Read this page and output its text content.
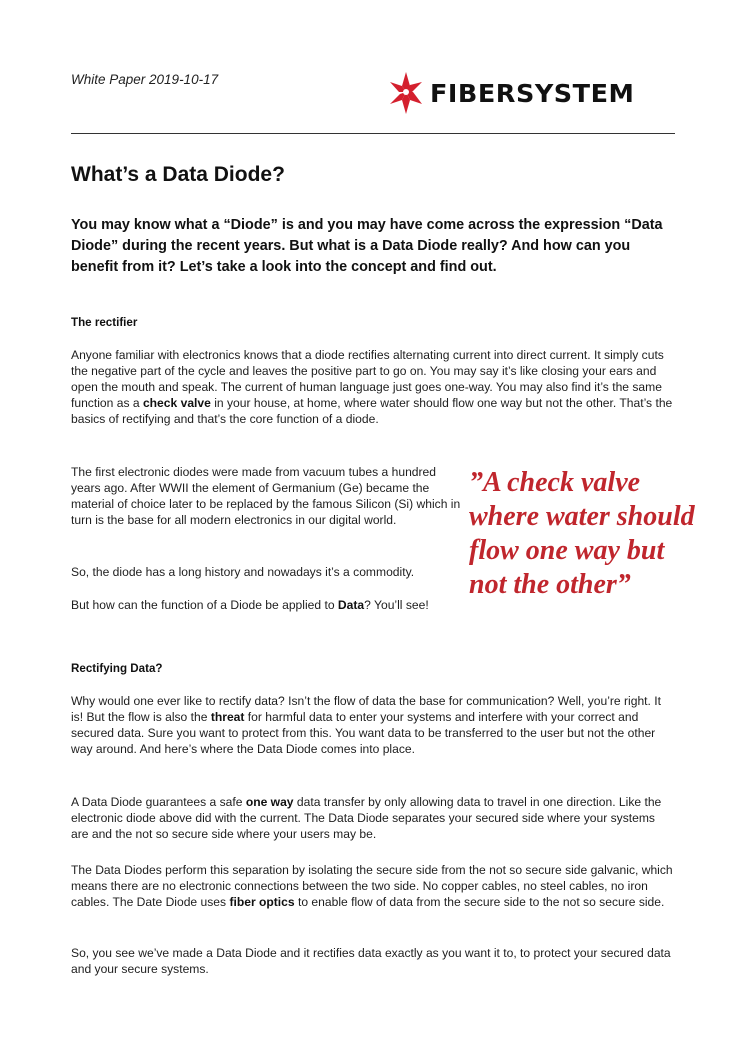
White Paper 2019-10-17	FIBERSYSTEM
What’s a Data Diode?

You may know what a “Diode” is and you may have come across the expression “Data Diode” during the recent years. But what is a Data Diode really? And how can you benefit from it? Let’s take a look into the concept and find out.

The rectifier

Anyone familiar with electronics knows that a diode rectifies alternating current into direct current. It simply cuts the negative part of the cycle and leaves the positive part to go on. You may say it’s like closing your ears and open the mouth and speak. The current of human language just goes one-way. You may also find it’s the same function as a check valve in your house, at home, where water should flow one way but not the other. That’s the basics of rectifying and that’s the core function of a diode.

The first electronic diodes were made from vacuum tubes a hundred years ago. After WWII the element of Germanium (Ge) became the material of choice later to be replaced by the famous Silicon (Si) which in turn is the base for all modern electronics in our digital world.

So, the diode has a long history and nowadays it’s a commodity.

But how can the function of a Diode be applied to Data? You’ll see!

”A check valve where water should flow one way but not the other”

Rectifying Data?

Why would one ever like to rectify data? Isn’t the flow of data the base for communication? Well, you’re right. It is! But the flow is also the threat for harmful data to enter your systems and interfere with your correct and secured data. Sure you want to protect from this. You want data to be transferred to the user but not the other way around. And here’s where the Data Diode comes into place.

A Data Diode guarantees a safe one way data transfer by only allowing data to travel in one direction. Like the electronic diode above did with the current. The Data Diode separates your secured side where your systems are and the not so secure side where your users may be.

The Data Diodes perform this separation by isolating the secure side from the not so secure side galvanic, which means there are no electronic connections between the two side. No copper cables, no steel cables, no iron cables. The Date Diode uses fiber optics to enable flow of data from the secure side to the not so secure side.

So, you see we’ve made a Data Diode and it rectifies data exactly as you want it to, to protect your secured data and your secure systems.
